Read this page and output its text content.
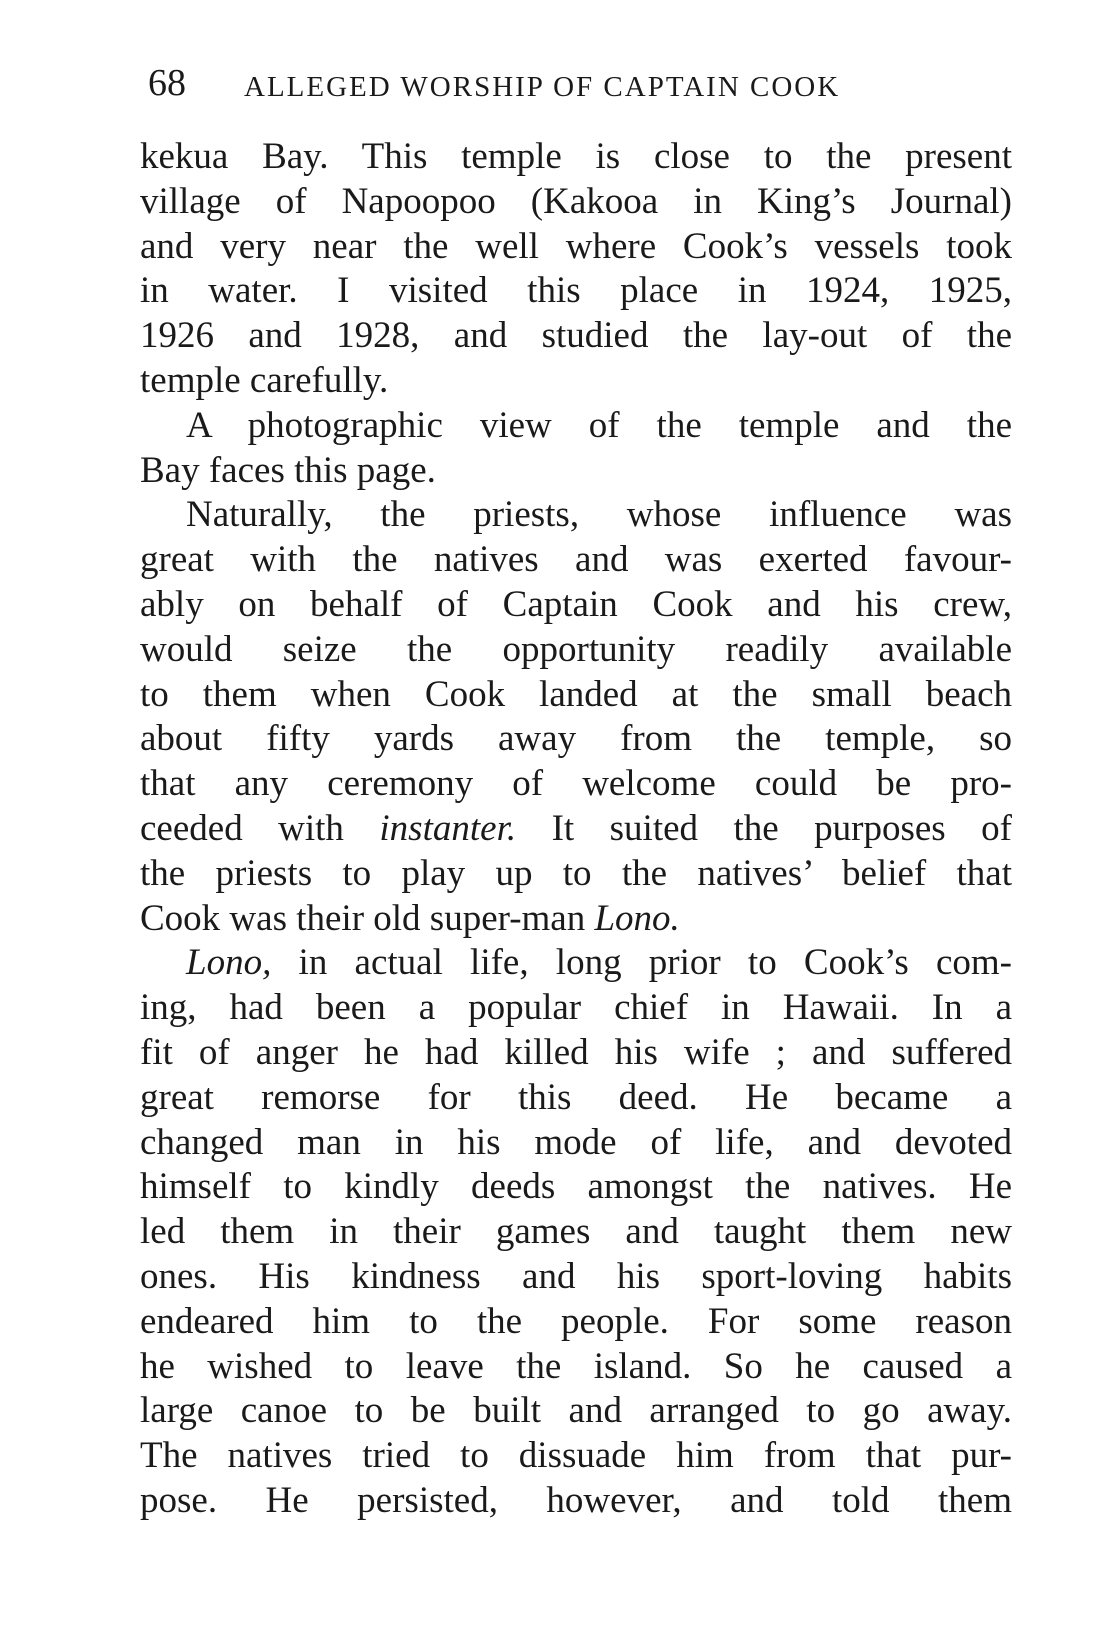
68 ALLEGED WORSHIP OF CAPTAIN COOK
kekua Bay. This temple is close to the present
village of Napoopoo (Kakooa in King’s Journal)
and very near the well where Cook’s vessels took
in water. I visited this place in 1924, 1925,
1926 and 1928, and studied the lay-out of the
temple carefully.
A photographic view of the temple and the
Bay faces this page.
Naturally, the priests, whose influence was
great with the natives and was exerted favour-
ably on behalf of Captain Cook and his crew,
would seize the opportunity readily available
to them when Cook landed at the small beach
about fifty yards away from the temple, so
that any ceremony of welcome could be pro-
ceeded with instanter. It suited the purposes of
the priests to play up to the natives’ belief that
Cook was their old super-man Lono.
Lono, in actual life, long prior to Cook’s com-
ing, had been a popular chief in Hawaii. In a
fit of anger he had killed his wife ; and suffered
great remorse for this deed. He became a
changed man in his mode of life, and devoted
himself to kindly deeds amongst the natives. He
led them in their games and taught them new
ones. His kindness and his sport-loving habits
endeared him to the people. For some reason
he wished to leave the island. So he caused a
large canoe to be built and arranged to go away.
The natives tried to dissuade him from that pur-
pose. He persisted, however, and told them
